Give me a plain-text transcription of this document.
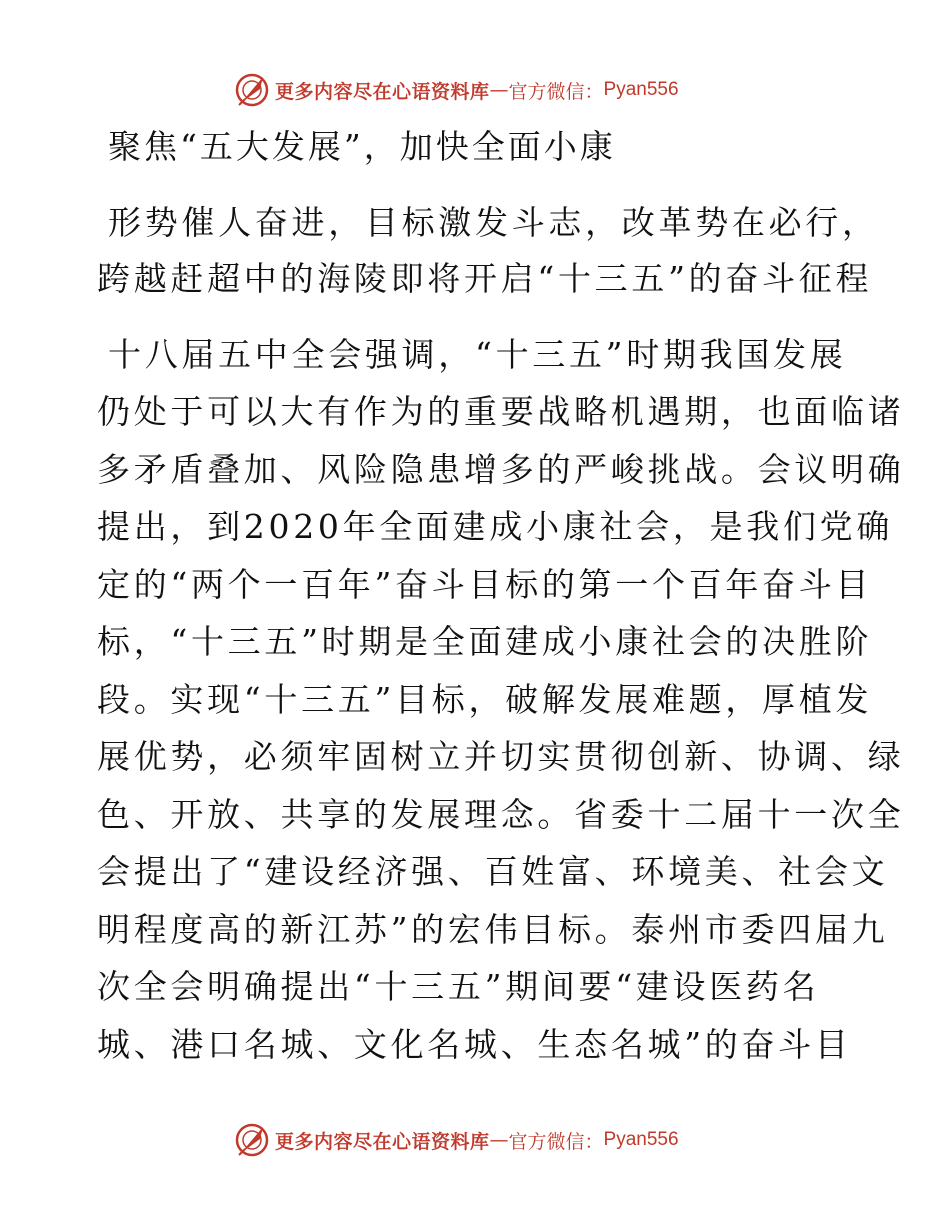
更多内容尽在心语资料库 — 官方微信： Pyan556
聚焦“五大发展”，加快全面小康
形势催人奋进，目标激发斗志，改革势在必行，
跨越赶超中的海陵即将开启“十三五”的奋斗征程
十八届五中全会强调，“十三五”时期我国发展
仍处于可以大有作为的重要战略机遇期，也面临诸
多矛盾叠加、风险隐患增多的严峻挑战。会议明确
提出，到2020年全面建成小康社会，是我们党确
定的“两个一百年”奋斗目标的第一个百年奋斗目
标，“十三五”时期是全面建成小康社会的决胜阶
段。实现“十三五”目标，破解发展难题，厚植发
展优势，必须牢固树立并切实贯彻创新、协调、绿
色、开放、共享的发展理念。省委十二届十一次全
会提出了“建设经济强、百姓富、环境美、社会文
明程度高的新江苏”的宏伟目标。泰州市委四届九
次全会明确提出“十三五”期间要“建设医药名
城、港口名城、文化名城、生态名城”的奋斗目
更多内容尽在心语资料库 — 官方微信： Pyan556
